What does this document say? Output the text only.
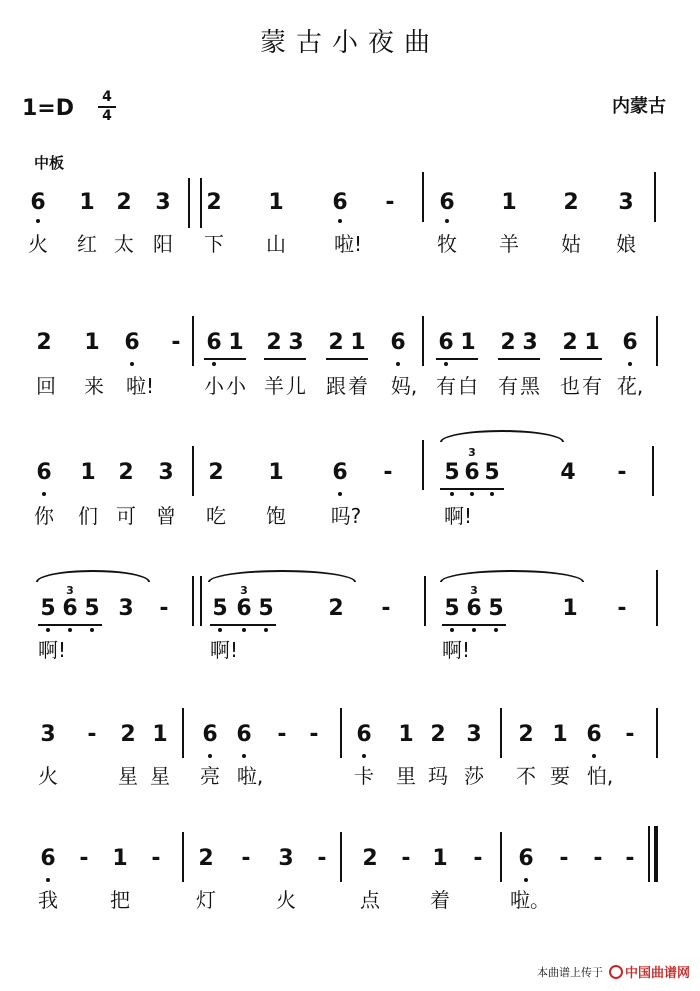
蒙古小夜曲
1=D 4
4	内蒙古
中板
6 1 2 3 2 1 6 - 6 1 2 3
火 红 太 阳 下 山 啦!	牧 羊 姑 娘
2 1 6 - 6 1 2 3 2 1 6 6 1 2 3 2 1 6
回 来 啦! 小 小 羊 儿 跟 着 妈, 有 白 有 黑 也 有 花,
6 1 2 3 2 1 6 - 5 6 5	4 -
3
你 们 可 曾 吃 饱 吗?	啊!
5 6 5 3 - 5 6 5 2 - 5 6 5	1 -
3	3	3
啊!	啊!	啊!
3 - 2 1 6 6 - - 6 1 2 3 2 1 6 -
火	星 星 亮 啦,	卡 里 玛 莎 不 要 怕,
6 - 1 - 2 - 3 - 2 - 1 - 6 - - -
我	把	灯	火	点	着	啦。
本曲谱上传于 中国曲谱网
